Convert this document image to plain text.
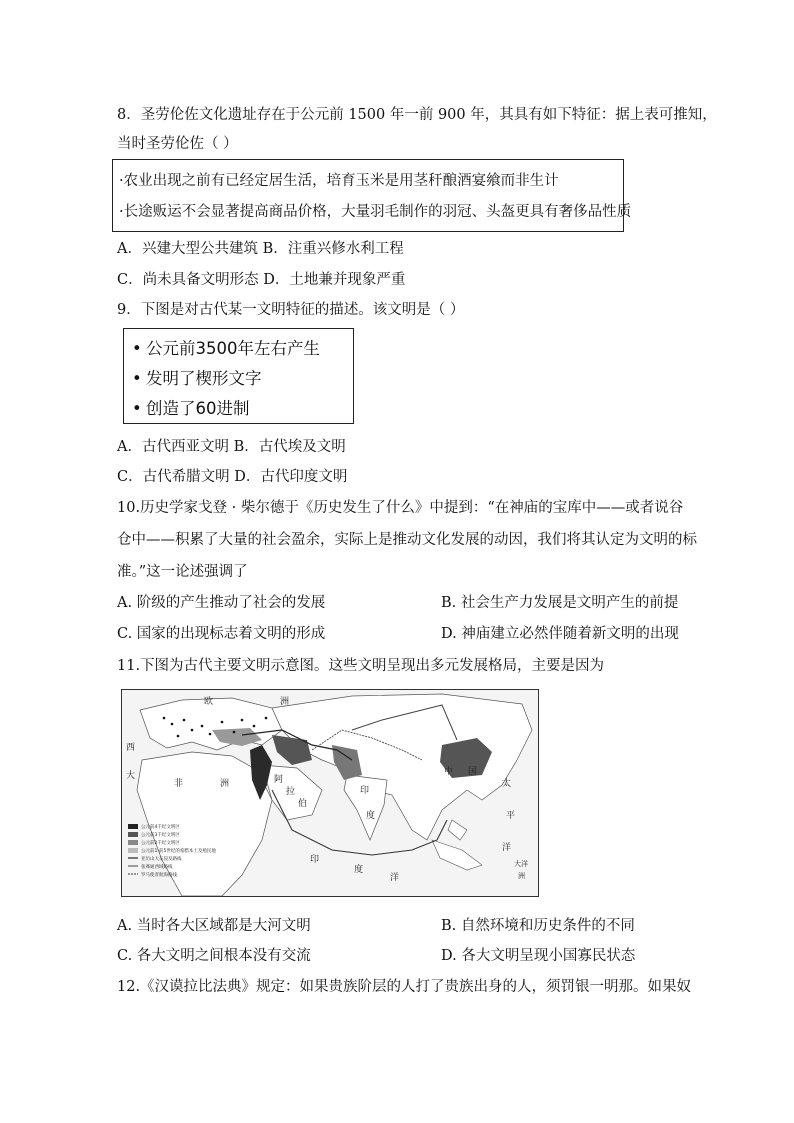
8．圣劳伦佐文化遗址存在于公元前 1500 年一前 900 年，其具有如下特征：据上表可推知，
当时圣劳伦佐（ ）
·农业出现之前有已经定居生活，培育玉米是用茎秆酿酒宴飨而非生计
·长途贩运不会显著提高商品价格，大量羽毛制作的羽冠、头盔更具有奢侈品性质
A．兴建大型公共建筑 B．注重兴修水利工程
C．尚未具备文明形态 D．土地兼并现象严重
9．下图是对古代某一文明特征的描述。该文明是（ ）
• 公元前3500年左右产生
• 发明了楔形文字
• 创造了60进制
A．古代西亚文明 B．古代埃及文明
C．古代希腊文明 D．古代印度文明
10.历史学家戈登 · 柴尔德于《历史发生了什么》中提到：“在神庙的宝库中——或者说谷
仓中——积累了大量的社会盈余，实际上是推动文化发展的动因，我们将其认定为文明的标
准。”这一论述强调了
A. 阶级的产生推动了社会的发展	B. 社会生产力发展是文明产生的前提
C. 国家的出现标志着文明的形成	D. 神庙建立必然伴随着新文明的出现
11.下图为古代主要文明示意图。这些文明呈现出多元发展格局，主要是因为
欧	洲
西
大
非	洲	阿
拉
伯
印
度
中 国
太
平
洋
印
度
洋
大洋
洲
公元前4千纪文明区
公元前3千纪文明区
公元前2千纪文明区
公元前1-前5世纪的希腊本土及殖民地
亚历山大东侵及路线
张骞通西域路线
罗马使者航海路线
A. 当时各大区域都是大河文明	B. 自然环境和历史条件的不同
C. 各大文明之间根本没有交流	D. 各大文明呈现小国寡民状态
12.《汉谟拉比法典》规定：如果贵族阶层的人打了贵族出身的人，须罚银一明那。如果奴
